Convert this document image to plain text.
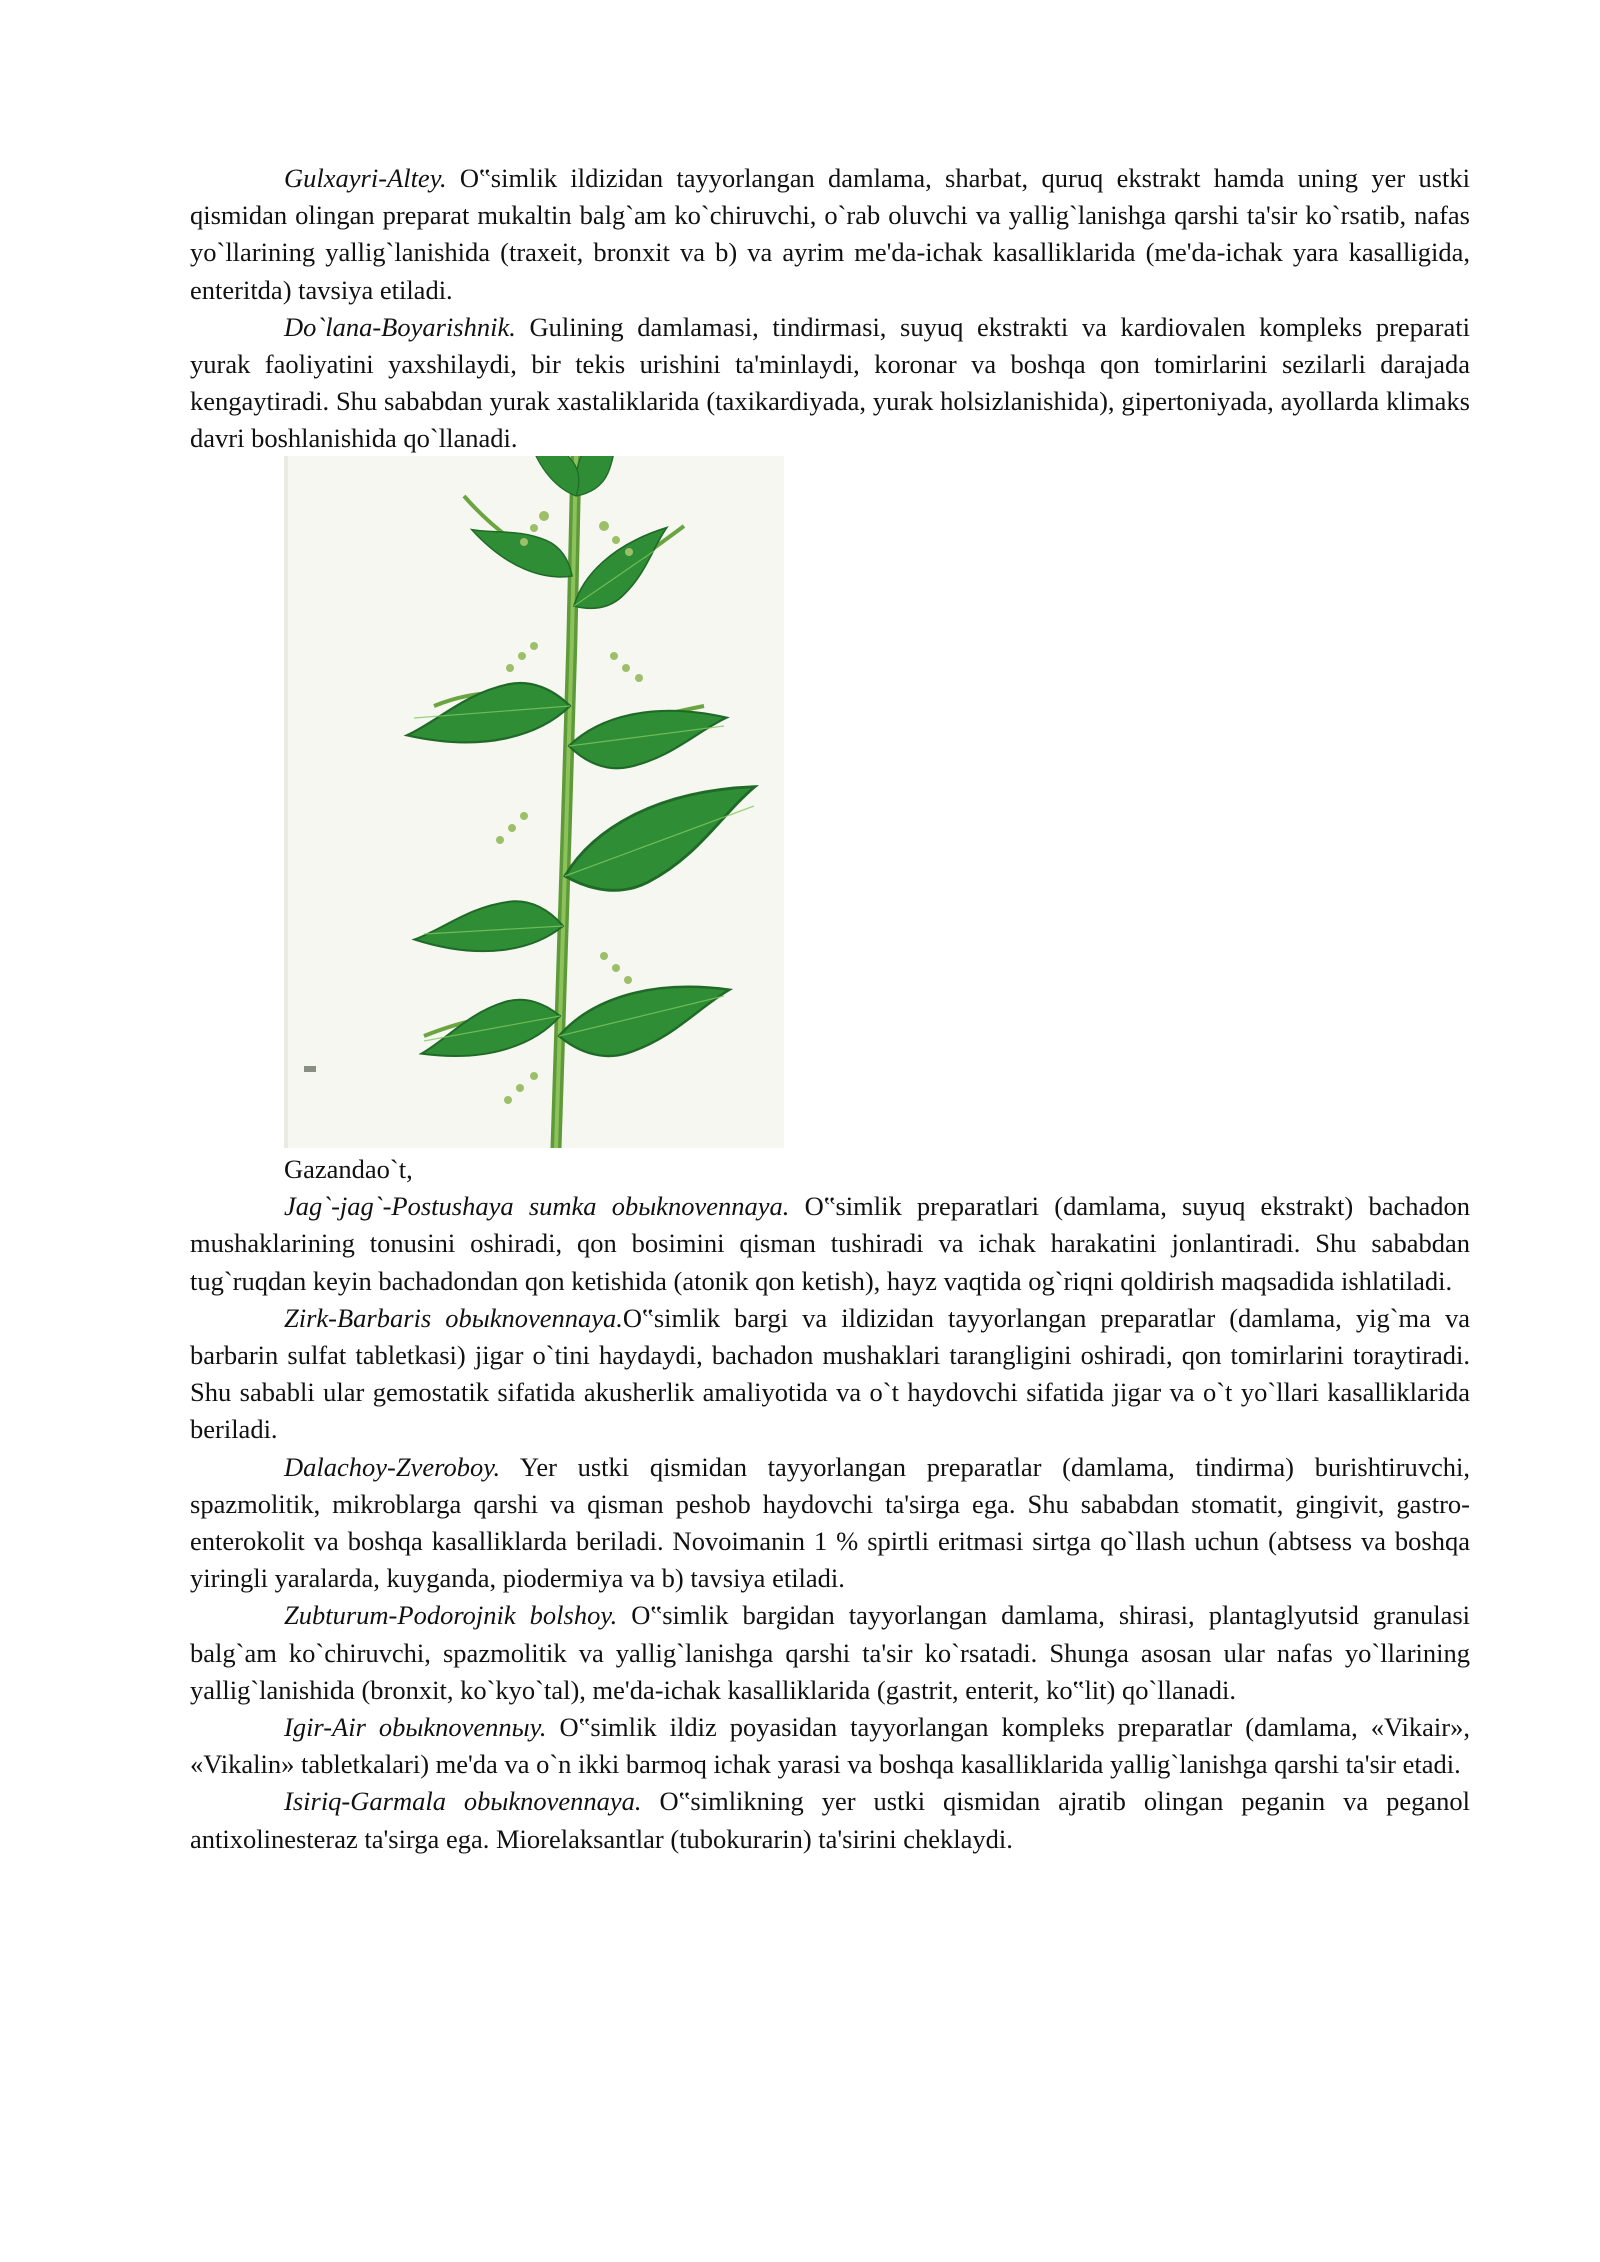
Gulxayri-Altey. O‟simlik ildizidan tayyorlangan damlama, sharbat, quruq ekstrakt hamda uning yer ustki qismidan olingan preparat mukaltin balg`am ko`chiruvchi, o`rab oluvchi va yallig`lanishga qarshi ta'sir ko`rsatib, nafas yo`llarining yallig`lanishida (traxeit, bronxit va b) va ayrim me'da-ichak kasalliklarida (me'da-ichak yara kasalligida, enteritda) tavsiya etiladi.

Do`lana-Boyarishnik. Gulining damlamasi, tindirmasi, suyuq ekstrakti va kardiovalen kompleks preparati yurak faoliyatini yaxshilaydi, bir tekis urishini ta'minlaydi, koronar va boshqa qon tomirlarini sezilarli darajada kengaytiradi. Shu sababdan yurak xastaliklarida (taxikardiyada, yurak holsizlanishida), gipertoniyada, ayollarda klimaks davri boshlanishida qo`llanadi.

Gazandao`t,

Jag`-jag`-Postushaya sumka obыknovennaya. O‟simlik preparatlari (damlama, suyuq ekstrakt) bachadon mushaklarining tonusini oshiradi, qon bosimini qisman tushiradi va ichak harakatini jonlantiradi. Shu sababdan tug`ruqdan keyin bachadondan qon ketishida (atonik qon ketish), hayz vaqtida og`riqni qoldirish maqsadida ishlatiladi.

Zirk-Barbaris obыknovennaya.O‟simlik bargi va ildizidan tayyorlangan preparatlar (damlama, yig`ma va barbarin sulfat tabletkasi) jigar o`tini haydaydi, bachadon mushaklari tarangligini oshiradi, qon tomirlarini toraytiradi. Shu sababli ular gemostatik sifatida akusherlik amaliyotida va o`t haydovchi sifatida jigar va o`t yo`llari kasalliklarida beriladi.

Dalachoy-Zveroboy. Yer ustki qismidan tayyorlangan preparatlar (damlama, tindirma) burishtiruvchi, spazmolitik, mikroblarga qarshi va qisman peshob haydovchi ta'sirga ega. Shu sababdan stomatit, gingivit, gastro-enterokolit va boshqa kasalliklarda beriladi. Novoimanin 1 % spirtli eritmasi sirtga qo`llash uchun (abtsess va boshqa yiringli yaralarda, kuyganda, piodermiya va b) tavsiya etiladi.

Zubturum-Podorojnik bolshoy. O‟simlik bargidan tayyorlangan damlama, shirasi, plantaglyutsid granulasi balg`am ko`chiruvchi, spazmolitik va yallig`lanishga qarshi ta'sir ko`rsatadi. Shunga asosan ular nafas yo`llarining yallig`lanishida (bronxit, ko`kyo`tal), me'da-ichak kasalliklarida (gastrit, enterit, ko‟lit) qo`llanadi.

Igir-Air obыknovennыy. O‟simlik ildiz poyasidan tayyorlangan kompleks preparatlar (damlama, «Vikair», «Vikalin» tabletkalari) me'da va o`n ikki barmoq ichak yarasi va boshqa kasalliklarida yallig`lanishga qarshi ta'sir etadi.

Isiriq-Garmala obыknovennaya. O‟simlikning yer ustki qismidan ajratib olingan peganin va peganol antixolinesteraz ta'sirga ega. Miorelaksantlar (tubokurarin) ta'sirini cheklaydi.
